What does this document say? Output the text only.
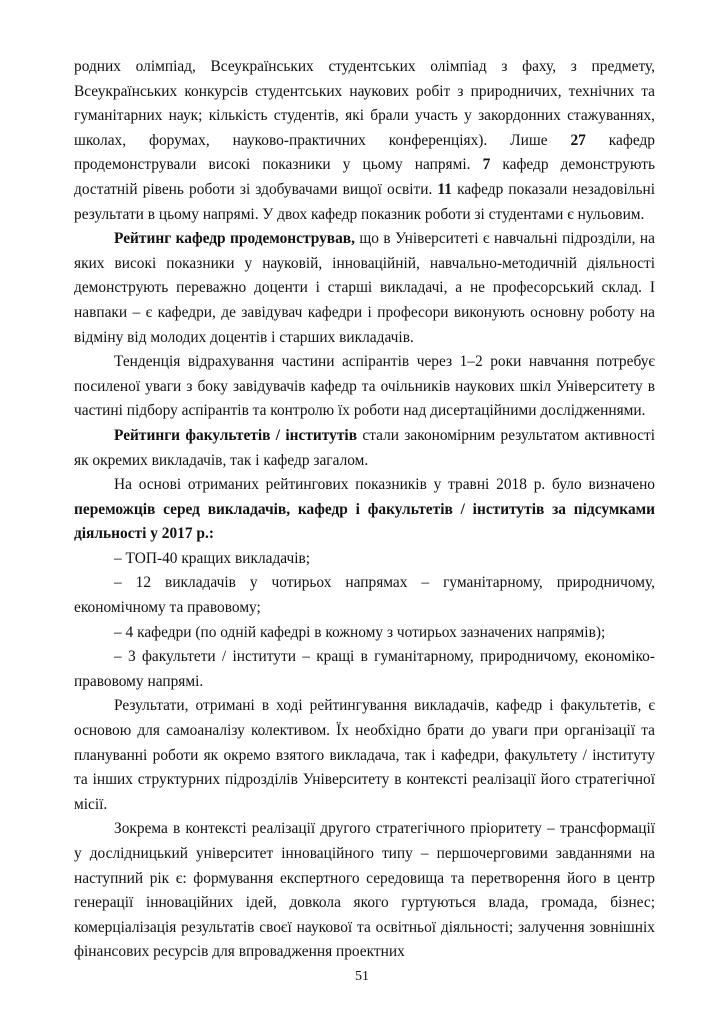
родних олімпіад, Всеукраїнських студентських олімпіад з фаху, з предмету, Всеукраїнських конкурсів студентських наукових робіт з природничих, технічних та гуманітарних наук; кількість студентів, які брали участь у закордонних стажуваннях, школах, форумах, науково-практичних конференціях). Лише 27 кафедр продемонстрували високі показники у цьому напрямі. 7 кафедр демонструють достатній рівень роботи зі здобувачами вищої освіти. 11 кафедр показали незадовільні результати в цьому напрямі. У двох кафедр показник роботи зі студентами є нульовим.

Рейтинг кафедр продемонстрував, що в Університеті є навчальні підрозділи, на яких високі показники у науковій, інноваційній, навчально-методичній діяльності демонструють переважно доценти і старші викладачі, а не професорський склад. І навпаки – є кафедри, де завідувач кафедри і професори виконують основну роботу на відміну від молодих доцентів і старших викладачів.

Тенденція відрахування частини аспірантів через 1–2 роки навчання потребує посиленої уваги з боку завідувачів кафедр та очільників наукових шкіл Університету в частині підбору аспірантів та контролю їх роботи над дисертаційними дослідженнями.

Рейтинги факультетів / інститутів стали закономірним результатом активності як окремих викладачів, так і кафедр загалом.

На основі отриманих рейтингових показників у травні 2018 р. було визначено переможців серед викладачів, кафедр і факультетів / інститутів за підсумками діяльності у 2017 р.:

– ТОП-40 кращих викладачів;

– 12 викладачів у чотирьох напрямах – гуманітарному, природничому, економічному та правовому;

– 4 кафедри (по одній кафедрі в кожному з чотирьох зазначених напрямів);

– 3 факультети / інститути – кращі в гуманітарному, природничому, економіко-правовому напрямі.

Результати, отримані в ході рейтингування викладачів, кафедр і факультетів, є основою для самоаналізу колективом. Їх необхідно брати до уваги при організації та плануванні роботи як окремо взятого викладача, так і кафедри, факультету / інституту та інших структурних підрозділів Університету в контексті реалізації його стратегічної місії.

Зокрема в контексті реалізації другого стратегічного пріоритету – трансформації у дослідницький університет інноваційного типу – першочерговими завданнями на наступний рік є: формування експертного середовища та перетворення його в центр генерації інноваційних ідей, довкола якого гуртуються влада, громада, бізнес; комерціалізація результатів своєї наукової та освітньої діяльності; залучення зовнішніх фінансових ресурсів для впровадження проектних

51
